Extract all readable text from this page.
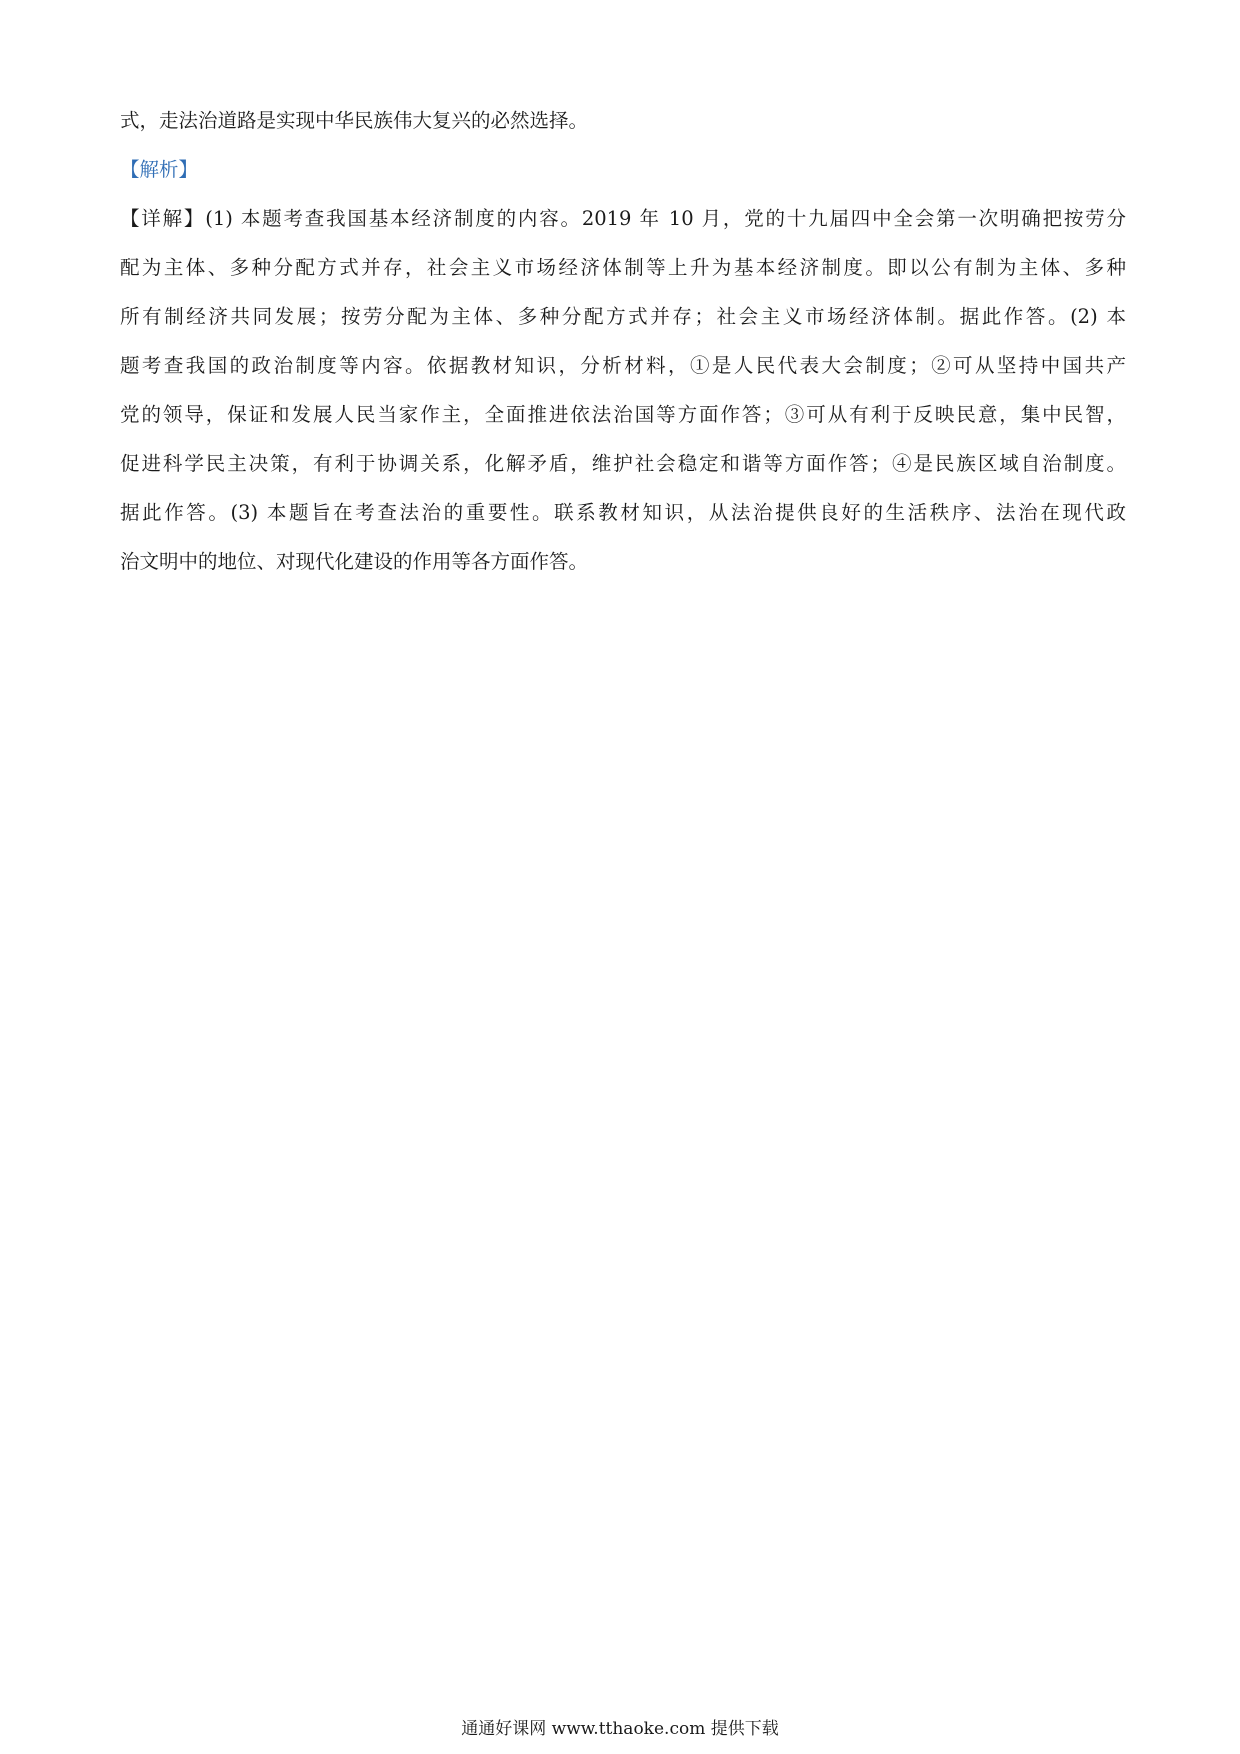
式，走法治道路是实现中华民族伟大复兴的必然选择。
【解析】
【详解】(1) 本题考查我国基本经济制度的内容。2019 年 10 月，党的十九届四中全会第一次明确把按劳分
配为主体、多种分配方式并存，社会主义市场经济体制等上升为基本经济制度。即以公有制为主体、多种
所有制经济共同发展；按劳分配为主体、多种分配方式并存；社会主义市场经济体制。据此作答。(2) 本
题考查我国的政治制度等内容。依据教材知识，分析材料，①是人民代表大会制度；②可从坚持中国共产
党的领导，保证和发展人民当家作主，全面推进依法治国等方面作答；③可从有利于反映民意，集中民智，
促进科学民主决策，有利于协调关系，化解矛盾，维护社会稳定和谐等方面作答；④是民族区域自治制度。
据此作答。(3) 本题旨在考查法治的重要性。联系教材知识，从法治提供良好的生活秩序、法治在现代政
治文明中的地位、对现代化建设的作用等各方面作答。
通通好课网 www.tthaoke.com 提供下载
